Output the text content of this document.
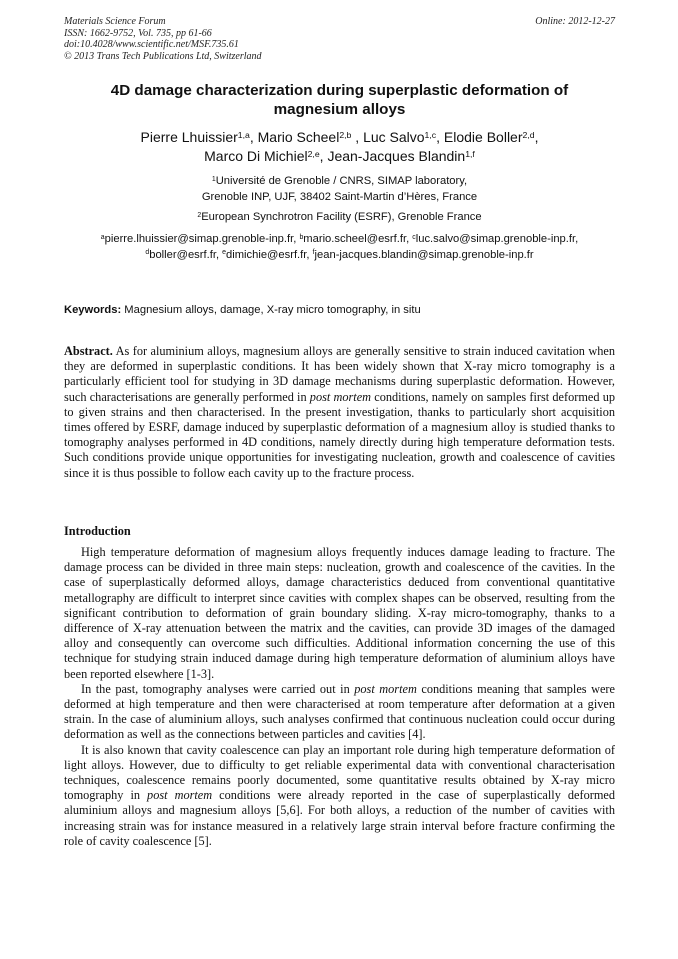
Materials Science Forum
ISSN: 1662-9752, Vol. 735, pp 61-66
doi:10.4028/www.scientific.net/MSF.735.61
© 2013 Trans Tech Publications Ltd, Switzerland
Online: 2012-12-27
4D damage characterization during superplastic deformation of
magnesium alloys
Pierre Lhuissier$^{1,a}$, Mario Scheel$^{2,b}$ , Luc Salvo$^{1,c}$, Elodie Boller$^{2,d}$,
Marco Di Michiel$^{2,e}$, Jean-Jacques Blandin$^{1,f}$
$^1$Université de Grenoble / CNRS, SIMAP laboratory,
Grenoble INP, UJF, 38402 Saint-Martin d’Hères, France
$^2$European Synchrotron Facility (ESRF), Grenoble France
$^a$pierre.lhuissier@simap.grenoble-inp.fr, $^b$mario.scheel@esrf.fr, $^c$luc.salvo@simap.grenoble-inp.fr,
$^d$boller@esrf.fr, $^e$dimichie@esrf.fr, $^f$jean-jacques.blandin@simap.grenoble-inp.fr
Keywords: Magnesium alloys, damage, X-ray micro tomography, in situ
Abstract. As for aluminium alloys, magnesium alloys are generally sensitive to strain induced cavitation when they are deformed in superplastic conditions. It has been widely shown that X-ray micro tomography is a particularly efficient tool for studying in 3D damage mechanisms during superplastic deformation. However, such characterisations are generally performed in post mortem conditions, namely on samples first deformed up to given strains and then characterised. In the present investigation, thanks to particularly short acquisition times offered by ESRF, damage induced by superplastic deformation of a magnesium alloy is studied thanks to tomography analyses performed in 4D conditions, namely directly during high temperature deformation tests. Such conditions provide unique opportunities for investigating nucleation, growth and coalescence of cavities since it is thus possible to follow each cavity up to the fracture process.
Introduction

High temperature deformation of magnesium alloys frequently induces damage leading to fracture. The damage process can be divided in three main steps: nucleation, growth and coalescence of the cavities. In the case of superplastically deformed alloys, damage characteristics deduced from conventional quantitative metallography are difficult to interpret since cavities with complex shapes can be observed, resulting from the significant contribution to deformation of grain boundary sliding. X-ray micro-tomography, thanks to a difference of X-ray attenuation between the matrix and the cavities, can provide 3D images of the damaged alloy and consequently can overcome such difficulties. Additional information concerning the use of this technique for studying strain induced damage during high temperature deformation of aluminium alloys have been reported elsewhere [1-3].

In the past, tomography analyses were carried out in post mortem conditions meaning that samples were deformed at high temperature and then were characterised at room temperature after deformation at a given strain. In the case of aluminium alloys, such analyses confirmed that continuous nucleation could occur during deformation as well as the connections between particles and cavities [4].

It is also known that cavity coalescence can play an important role during high temperature deformation of light alloys. However, due to difficulty to get reliable experimental data with conventional characterisation techniques, coalescence remains poorly documented, some quantitative results obtained by X-ray micro tomography in post mortem conditions were already reported in the case of superplastically deformed aluminium alloys and magnesium alloys [5,6]. For both alloys, a reduction of the number of cavities with increasing strain was for instance measured in a relatively large strain interval before fracture confirming the role of cavity coalescence [5].
